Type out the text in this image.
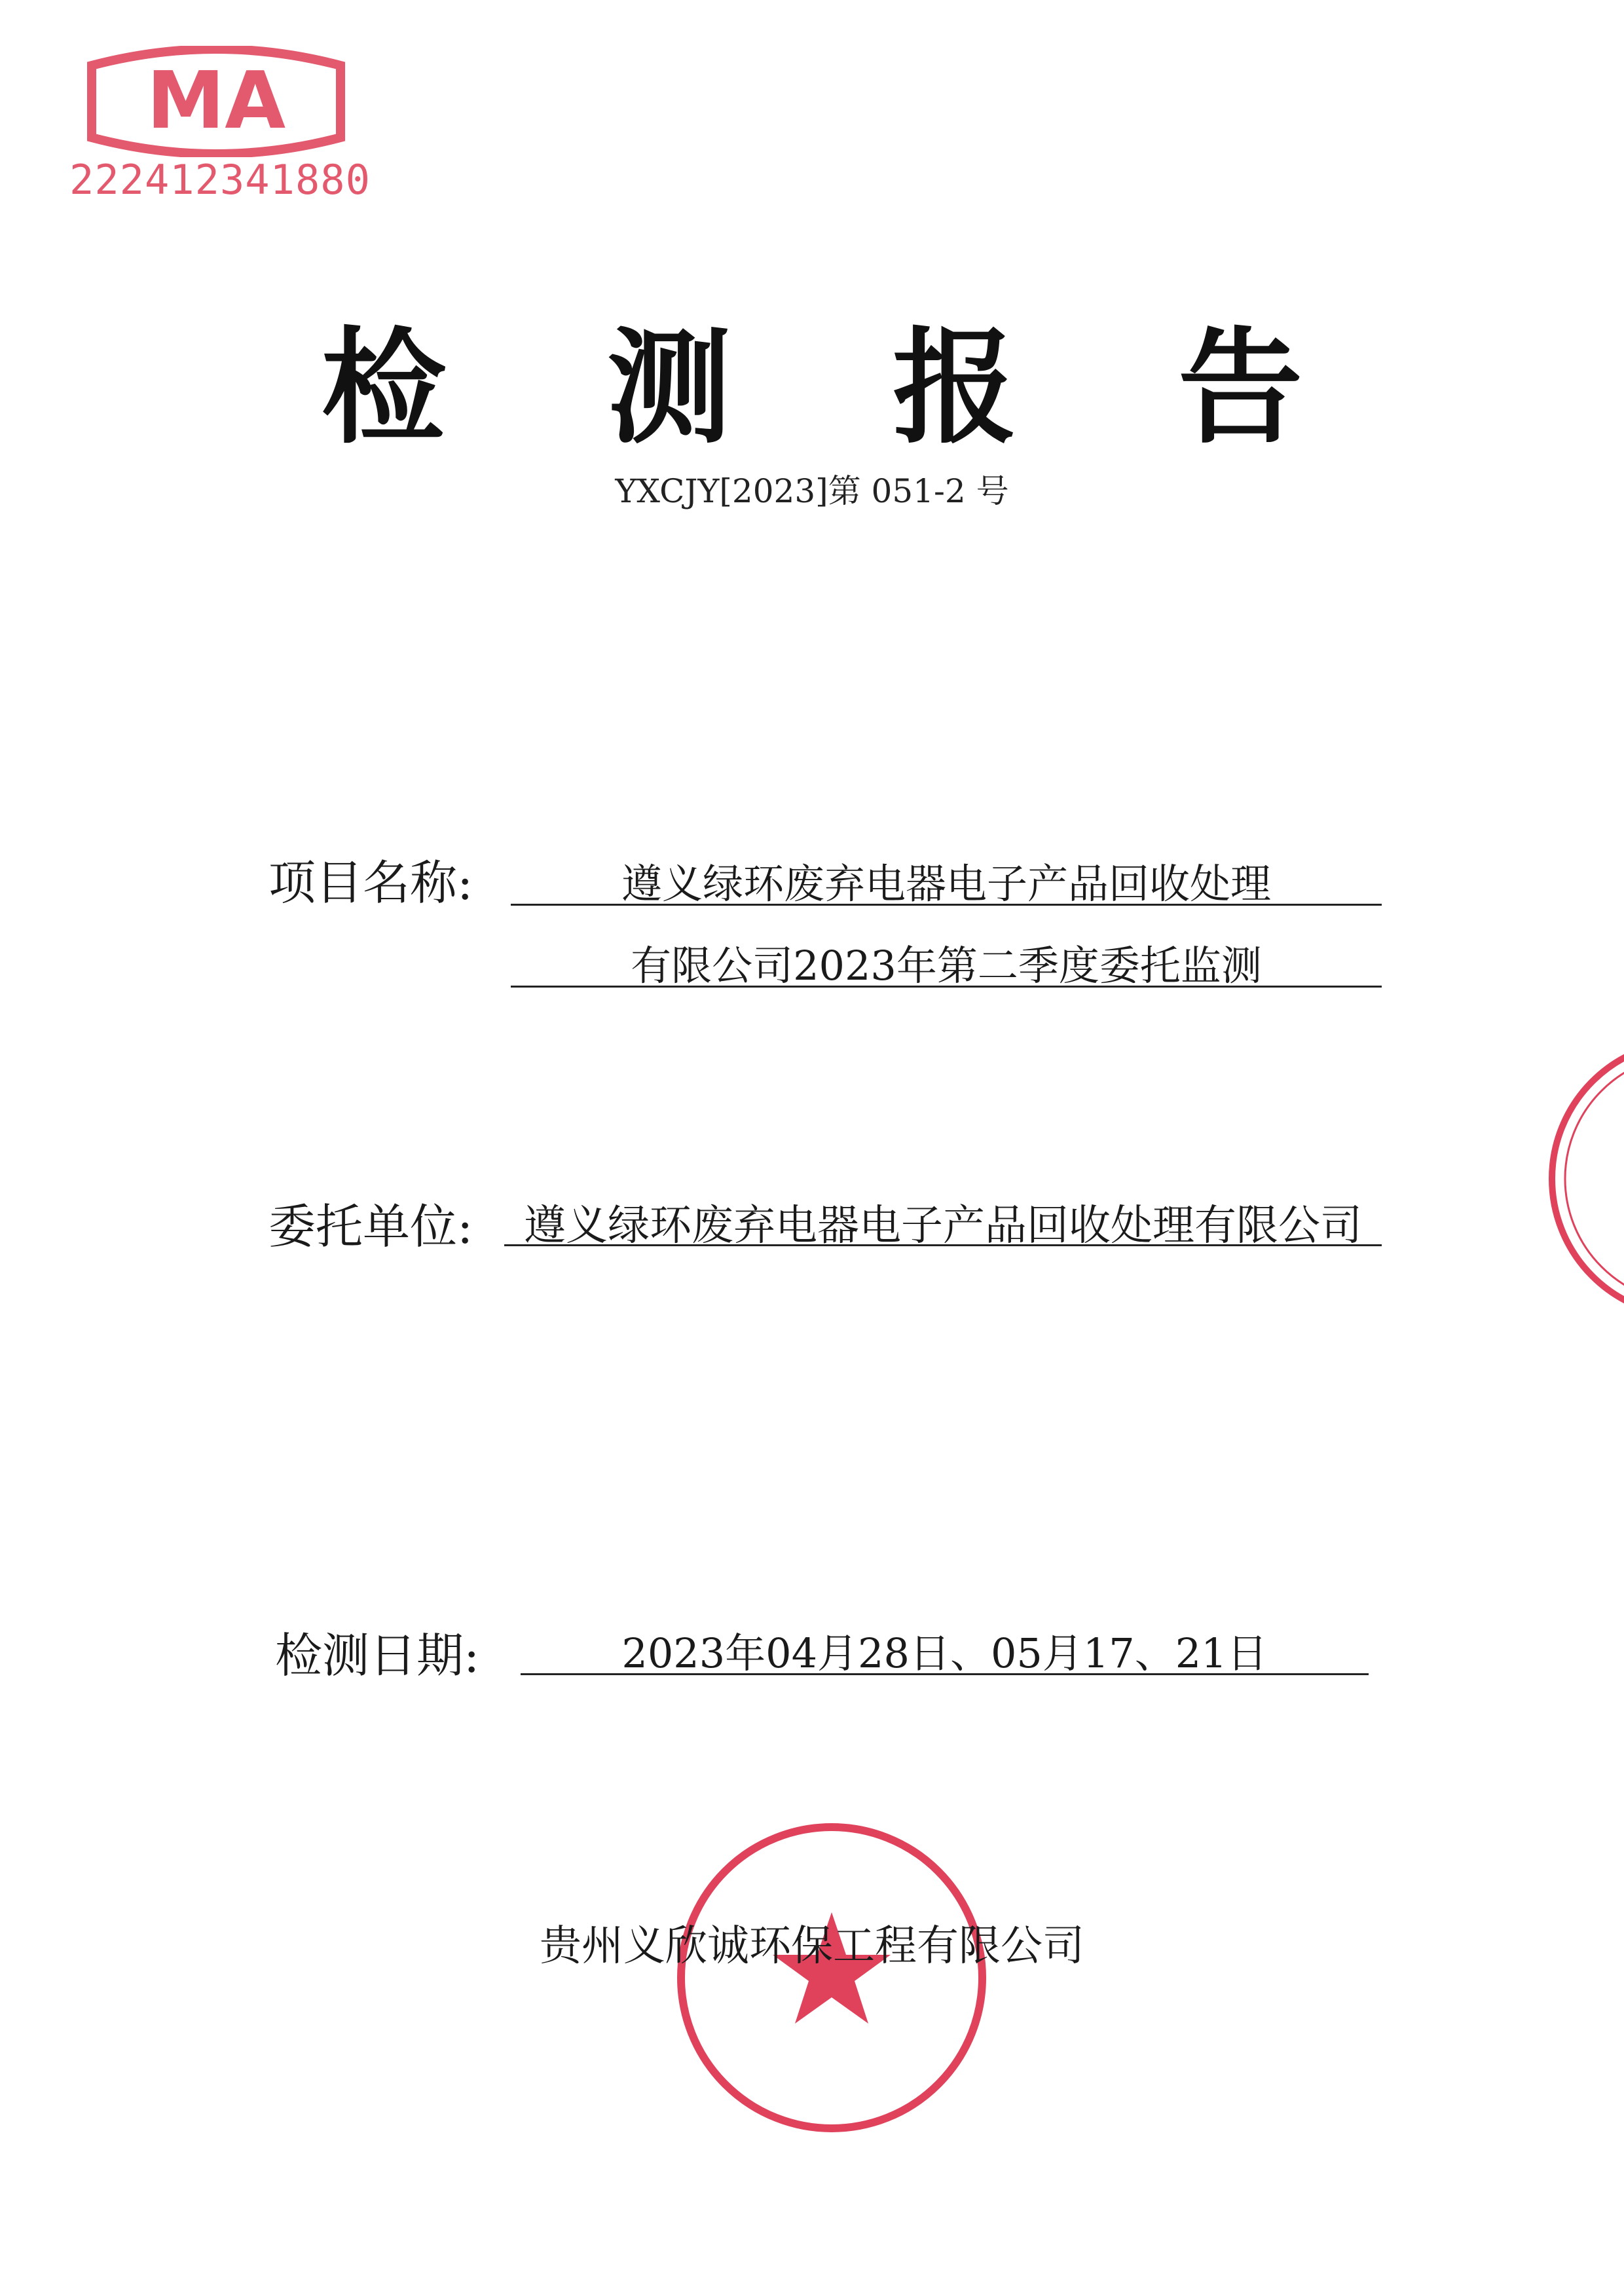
MA
222412341880
检 测 报 告
YXCJY[2023]第 051-2 号
项目名称:	遵义绿环废弃电器电子产品回收处理
有限公司2023年第二季度委托监测
委托单位:	遵义绿环废弃电器电子产品回收处理有限公司
检测日期:	2023年04月28日、05月17、21日
贵州义欣诚环保工程有限公司
